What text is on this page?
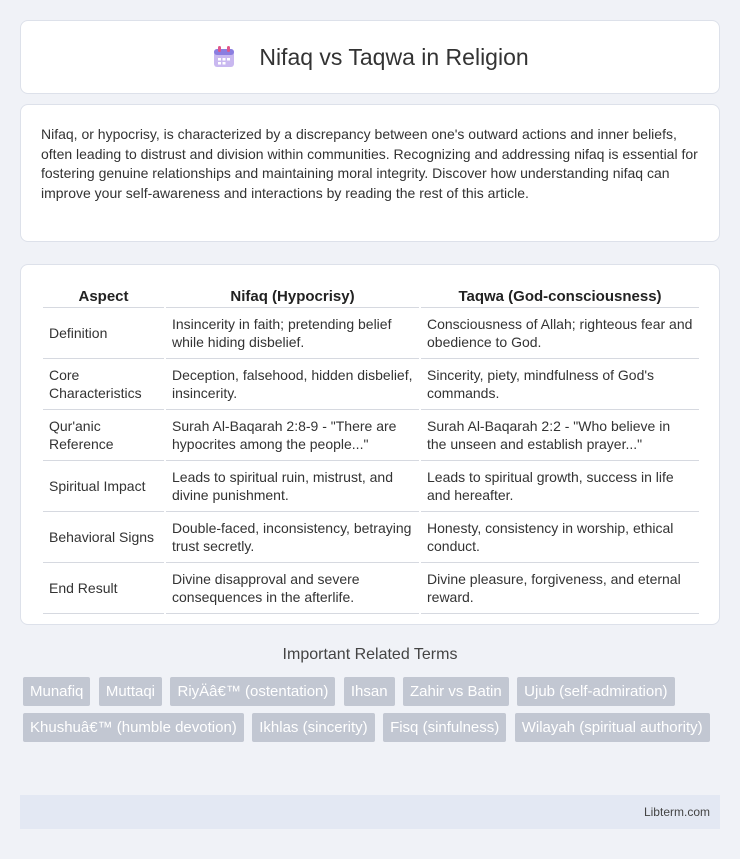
Nifaq vs Taqwa in Religion

Nifaq, or hypocrisy, is characterized by a discrepancy between one's outward actions and inner beliefs, often leading to distrust and division within communities. Recognizing and addressing nifaq is essential for fostering genuine relationships and maintaining moral integrity. Discover how understanding nifaq can improve your self-awareness and interactions by reading the rest of this article.

Aspect	Nifaq (Hypocrisy)	Taqwa (God-consciousness)
Definition	Insincerity in faith; pretending belief while hiding disbelief.	Consciousness of Allah; righteous fear and obedience to God.
Core Characteristics	Deception, falsehood, hidden disbelief, insincerity.	Sincerity, piety, mindfulness of God's commands.
Qur'anic Reference	Surah Al-Baqarah 2:8-9 - "There are hypocrites among the people..."	Surah Al-Baqarah 2:2 - "Who believe in the unseen and establish prayer..."
Spiritual Impact	Leads to spiritual ruin, mistrust, and divine punishment.	Leads to spiritual growth, success in life and hereafter.
Behavioral Signs	Double-faced, inconsistency, betraying trust secretly.	Honesty, consistency in worship, ethical conduct.
End Result	Divine disapproval and severe consequences in the afterlife.	Divine pleasure, forgiveness, and eternal reward.
Important Related Terms
Munafiq Muttaqi RiyÄâ€™ (ostentation) Ihsan Zahir vs Batin Ujub (self-admiration) Khushuâ€™ (humble devotion) Ikhlas (sincerity) Fisq (sinfulness) Wilayah (spiritual authority)
Libterm.com
